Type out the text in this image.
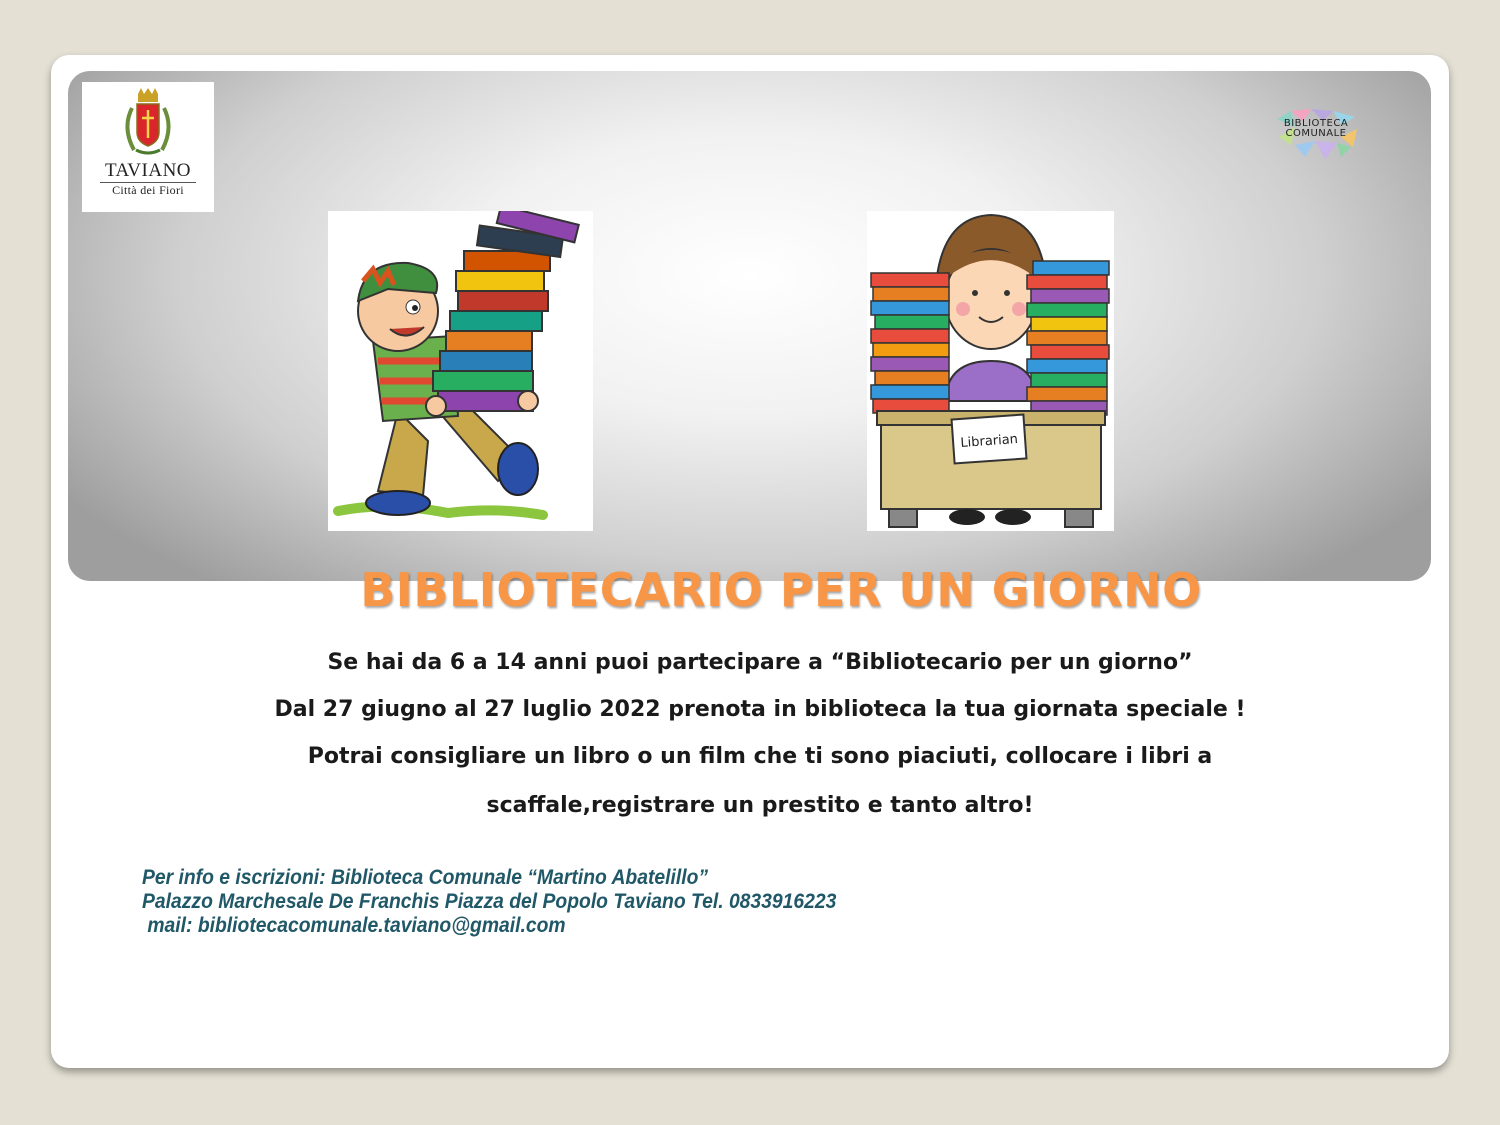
TAVIANO
Città dei Fiori
BIBLIOTECA
COMUNALE
Librarian
BIBLIOTECARIO PER UN GIORNO
Se hai da 6 a 14 anni puoi partecipare a “Bibliotecario per un giorno”
Dal 27 giugno al 27 luglio 2022 prenota in biblioteca la tua giornata speciale !
Potrai consigliare un libro o un film che ti sono piaciuti, collocare i libri a
scaffale,registrare un prestito e tanto altro!
Per info e iscrizioni: Biblioteca Comunale “Martino Abatelillo”
Palazzo Marchesale De Franchis Piazza del Popolo Taviano Tel. 0833916223
mail: bibliotecacomunale.taviano@gmail.com
